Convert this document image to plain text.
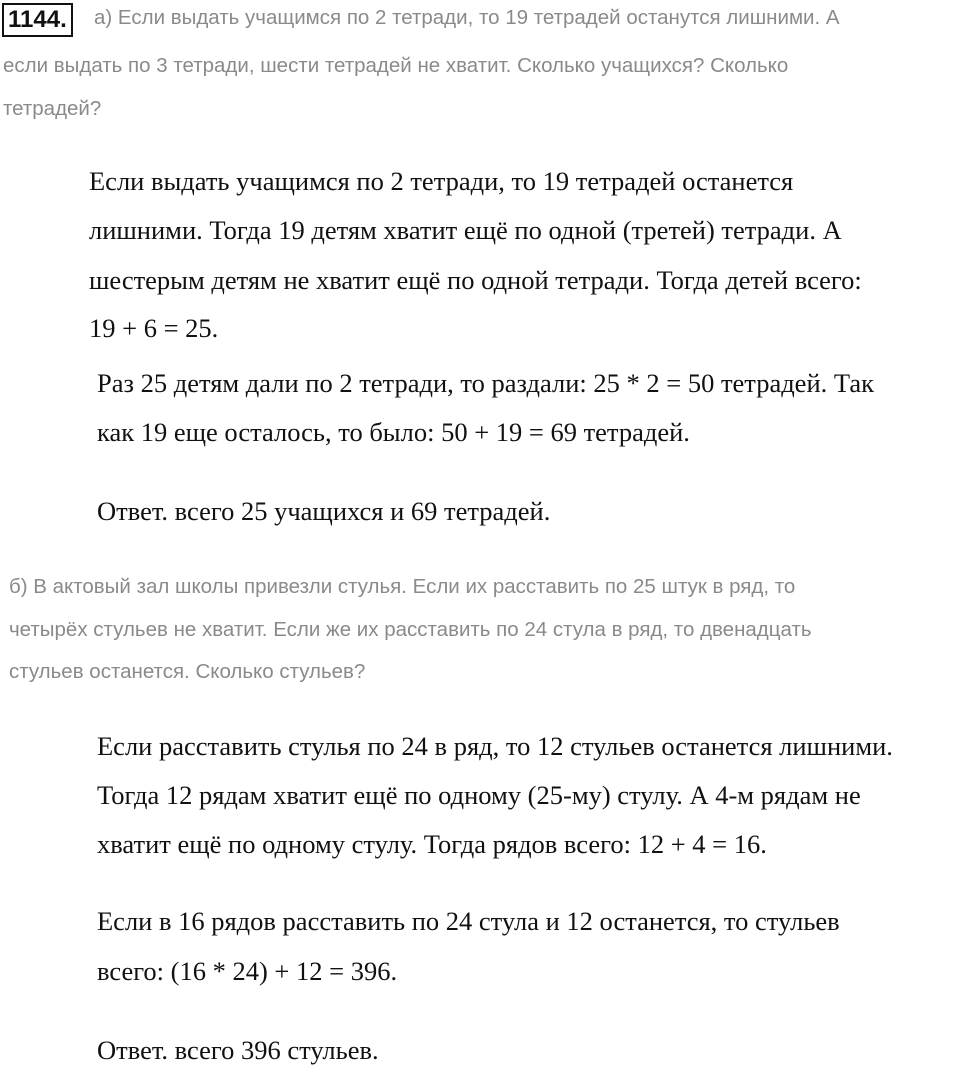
1144. а) Если выдать учащимся по 2 тетради, то 19 тетрадей останутся лишними. А

если выдать по 3 тетради, шести тетрадей не хватит. Сколько учащихся? Сколько

тетрадей?

Если выдать учащимся по 2 тетради, то 19 тетрадей останется

лишними. Тогда 19 детям хватит ещё по одной (третей) тетради. А

шестерым детям не хватит ещё по одной тетради. Тогда детей всего:

19 + 6 = 25.

Раз 25 детям дали по 2 тетради, то раздали: 25 * 2 = 50 тетрадей. Так

как 19 еще осталось, то было: 50 + 19 = 69 тетрадей.

Ответ. всего 25 учащихся и 69 тетрадей.

б) В актовый зал школы привезли стулья. Если их расставить по 25 штук в ряд, то

четырёх стульев не хватит. Если же их расставить по 24 стула в ряд, то двенадцать

стульев останется. Сколько стульев?

Если расставить стулья по 24 в ряд, то 12 стульев останется лишними.

Тогда 12 рядам хватит ещё по одному (25-му) стулу. А 4-м рядам не

хватит ещё по одному стулу. Тогда рядов всего: 12 + 4 = 16.

Если в 16 рядов расставить по 24 стула и 12 останется, то стульев

всего: (16 * 24) + 12 = 396.

Ответ. всего 396 стульев.
